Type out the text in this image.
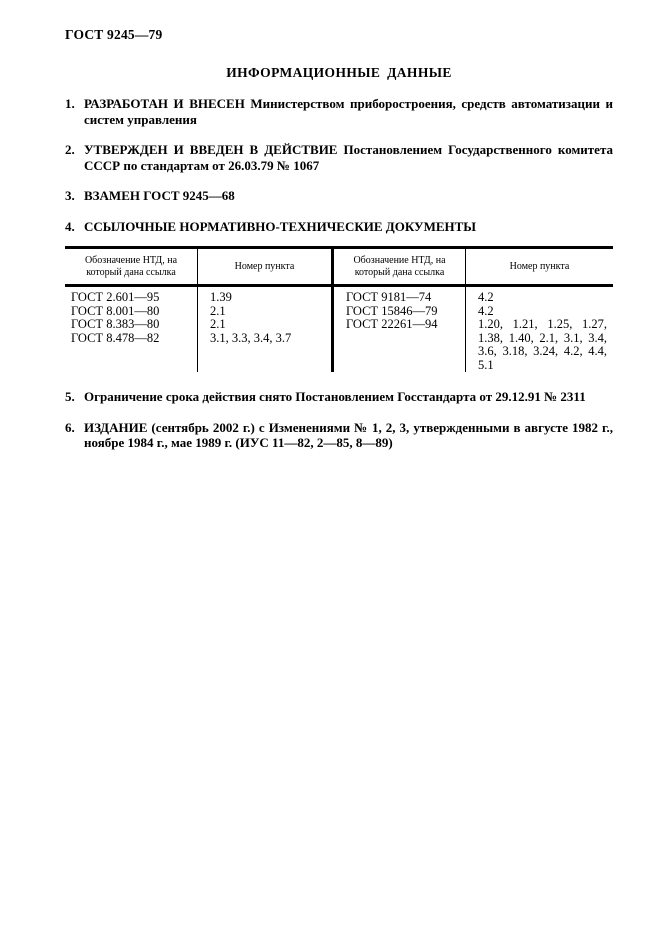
ГОСТ 9245—79
ИНФОРМАЦИОННЫЕ ДАННЫЕ
1. РАЗРАБОТАН И ВНЕСЕН Министерством приборостроения, средств автоматизации и систем управления
2. УТВЕРЖДЕН И ВВЕДЕН В ДЕЙСТВИЕ Постановлением Государственного комитета СССР по стандартам от 26.03.79 № 1067
3. ВЗАМЕН ГОСТ 9245—68
4. ССЫЛОЧНЫЕ НОРМАТИВНО-ТЕХНИЧЕСКИЕ ДОКУМЕНТЫ
Обозначение НТД, на который дана ссылка
Номер пункта
Обозначение НТД, на который дана ссылка
Номер пункта
ГОСТ 2.601—95
ГОСТ 8.001—80
ГОСТ 8.383—80
ГОСТ 8.478—82
1.39
2.1
2.1
3.1, 3.3, 3.4, 3.7
ГОСТ 9181—74
ГОСТ 15846—79
ГОСТ 22261—94
4.2
4.2
1.20, 1.21, 1.25, 1.27, 1.38, 1.40, 2.1, 3.1, 3.4, 3.6, 3.18, 3.24, 4.2, 4.4, 5.1
5. Ограничение срока действия снято Постановлением Госстандарта от 29.12.91 № 2311
6. ИЗДАНИЕ (сентябрь 2002 г.) с Изменениями № 1, 2, 3, утвержденными в августе 1982 г., ноябре 1984 г., мае 1989 г. (ИУС 11—82, 2—85, 8—89)
